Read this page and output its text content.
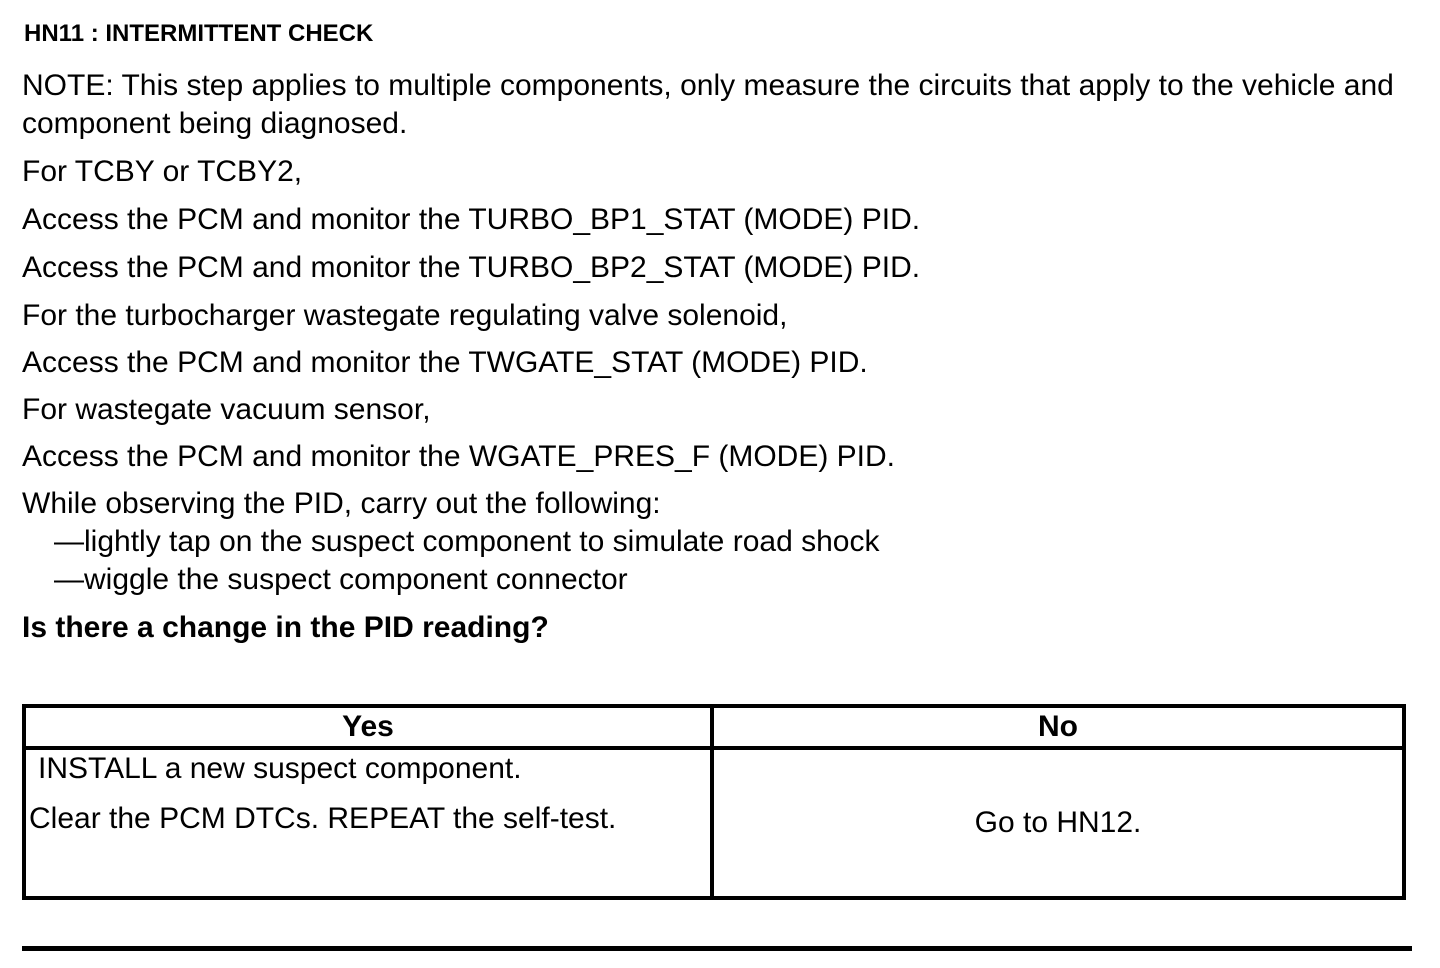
HN11 : INTERMITTENT CHECK
NOTE: This step applies to multiple components, only measure the circuits that apply to the vehicle and component being diagnosed.
For TCBY or TCBY2,
Access the PCM and monitor the TURBO_BP1_STAT (MODE) PID.
Access the PCM and monitor the TURBO_BP2_STAT (MODE) PID.
For the turbocharger wastegate regulating valve solenoid,
Access the PCM and monitor the TWGATE_STAT (MODE) PID.
For wastegate vacuum sensor,
Access the PCM and monitor the WGATE_PRES_F (MODE) PID.
While observing the PID, carry out the following:
—lightly tap on the suspect component to simulate road shock
—wiggle the suspect component connector
Is there a change in the PID reading?
Yes	No

INSTALL a new suspect component.
Clear the PCM DTCs. REPEAT the self-test.	Go to HN12.
